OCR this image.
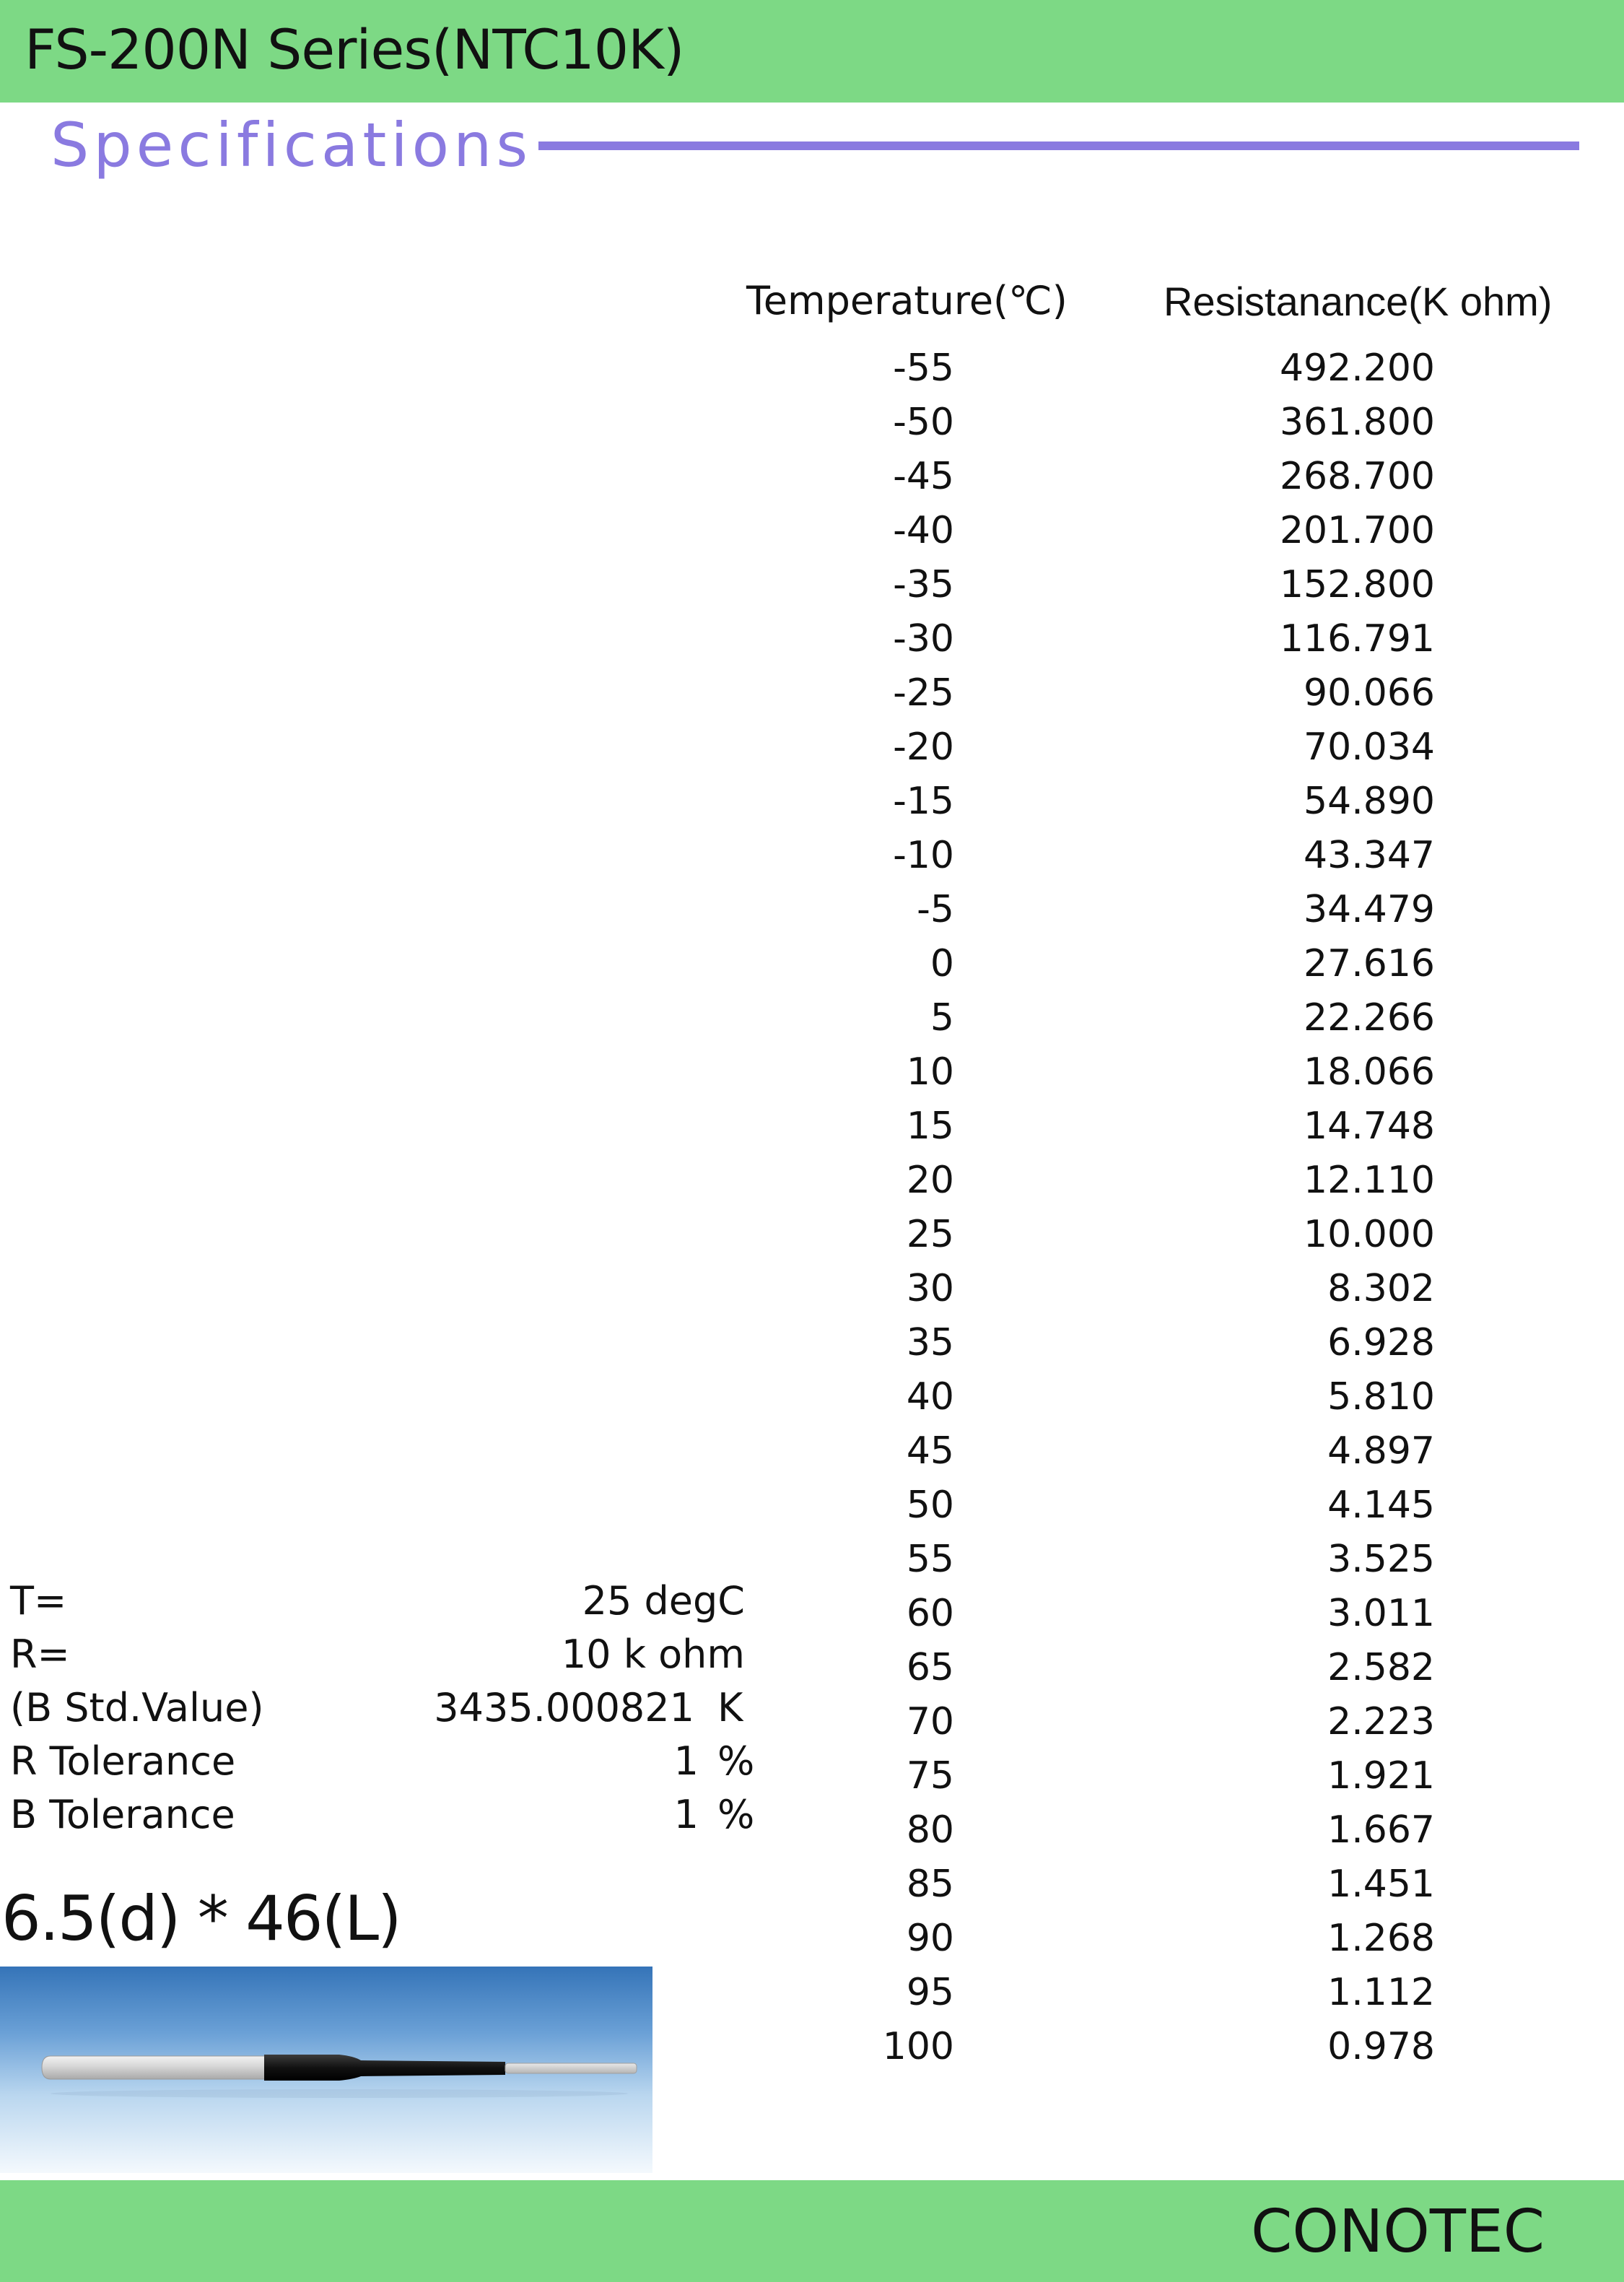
FS-200N Series(NTC10K)
Specifications
Temperature(℃) Resistanance(K ohm)
-55	492.200
-50	361.800
-45	268.700
-40	201.700
-35	152.800
-30	116.791
-25	90.066
-20	70.034
-15	54.890
-10	43.347
-5	34.479
0	27.616
5	22.266
10	18.066
15	14.748
20	12.110
25	10.000
30	8.302
35	6.928
40	5.810
45	4.897
50	4.145
55	3.525
60	3.011
65	2.582
70	2.223
75	1.921
80	1.667
85	1.451
90	1.268
95	1.112
100	0.978
T=	25 degC
R=	10 k ohm
(B Std.Value)	3435.000821 K
R Tolerance	1 %
B Tolerance	1 %
6.5(d) * 46(L)
CONOTEC
